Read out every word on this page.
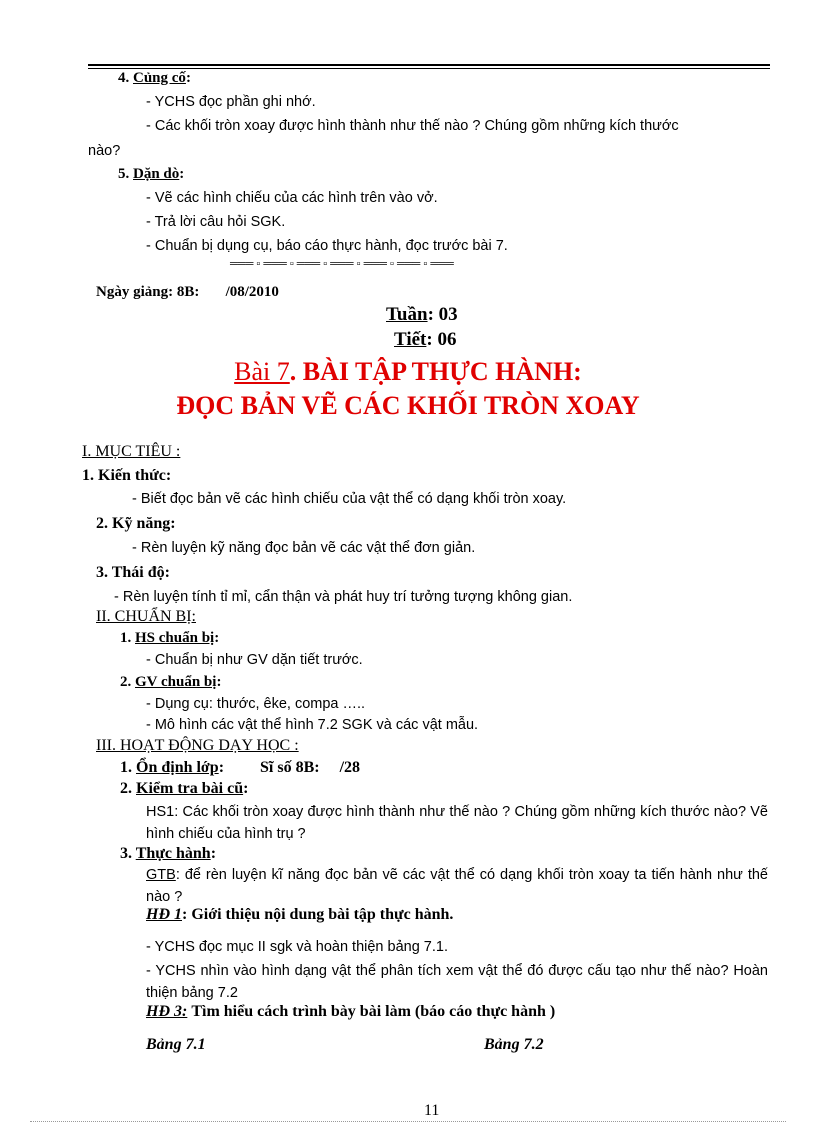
4. Củng cố:
- YCHS đọc phần ghi nhớ.
- Các khối tròn xoay được hình thành như thế nào ? Chúng gồm những kích thước
nào?
5. Dặn dò:
- Vẽ các hình chiếu của các hình trên vào vở.
- Trả lời câu hỏi SGK.
- Chuẩn bị dụng cụ, báo cáo thực hành, đọc trước bài 7.
═══ ▫ ═══ ▫ ═══ ▫ ═══ ▫ ═══ ▫ ═══ ▫ ═══
Ngày giảng: 8B: /08/2010
Tuần: 03
Tiết: 06
Bài 7. BÀI TẬP THỰC HÀNH:
ĐỌC BẢN VẼ CÁC KHỐI TRÒN XOAY
I. MỤC TIÊU :
1. Kiến thức:
- Biết đọc bản vẽ các hình chiếu của vật thể có dạng khối tròn xoay.
2. Kỹ năng:
- Rèn luyện kỹ năng đọc bản vẽ các vật thể đơn giản.
3. Thái độ:
- Rèn luyện tính tỉ mỉ, cẩn thận và phát huy trí tưởng tượng không gian.
II. CHUẨN BỊ:
1. HS chuẩn bị:
- Chuẩn bị như GV dặn tiết trước.
2. GV chuẩn bị:
- Dụng cụ: thước, êke, compa …..
- Mô hình các vật thể hình 7.2 SGK và các vật mẫu.
III. HOẠT ĐỘNG DẠY HỌC :
1. Ổn định lớp:         Sĩ số 8B: /28
2. Kiểm tra bài cũ:
HS1: Các khối tròn xoay được hình thành như thế nào ? Chúng gồm những kích thước nào? Vẽ hình chiếu của hình trụ ?
3. Thực hành:
GTB: để rèn luyện kĩ năng đọc bản vẽ các vật thể có dạng khối tròn xoay ta tiến hành như thế nào ?
HĐ 1: Giới thiệu nội dung bài tập thực hành.
- YCHS đọc mục II sgk và hoàn thiện bảng 7.1.
- YCHS nhìn vào hình dạng vật thể phân tích xem vật thể đó được cấu tạo như thế nào? Hoàn thiện bảng 7.2
HĐ 3: Tìm hiểu cách trình bày bài làm (báo cáo thực hành )
Bảng 7.1	Bảng 7.2
11
